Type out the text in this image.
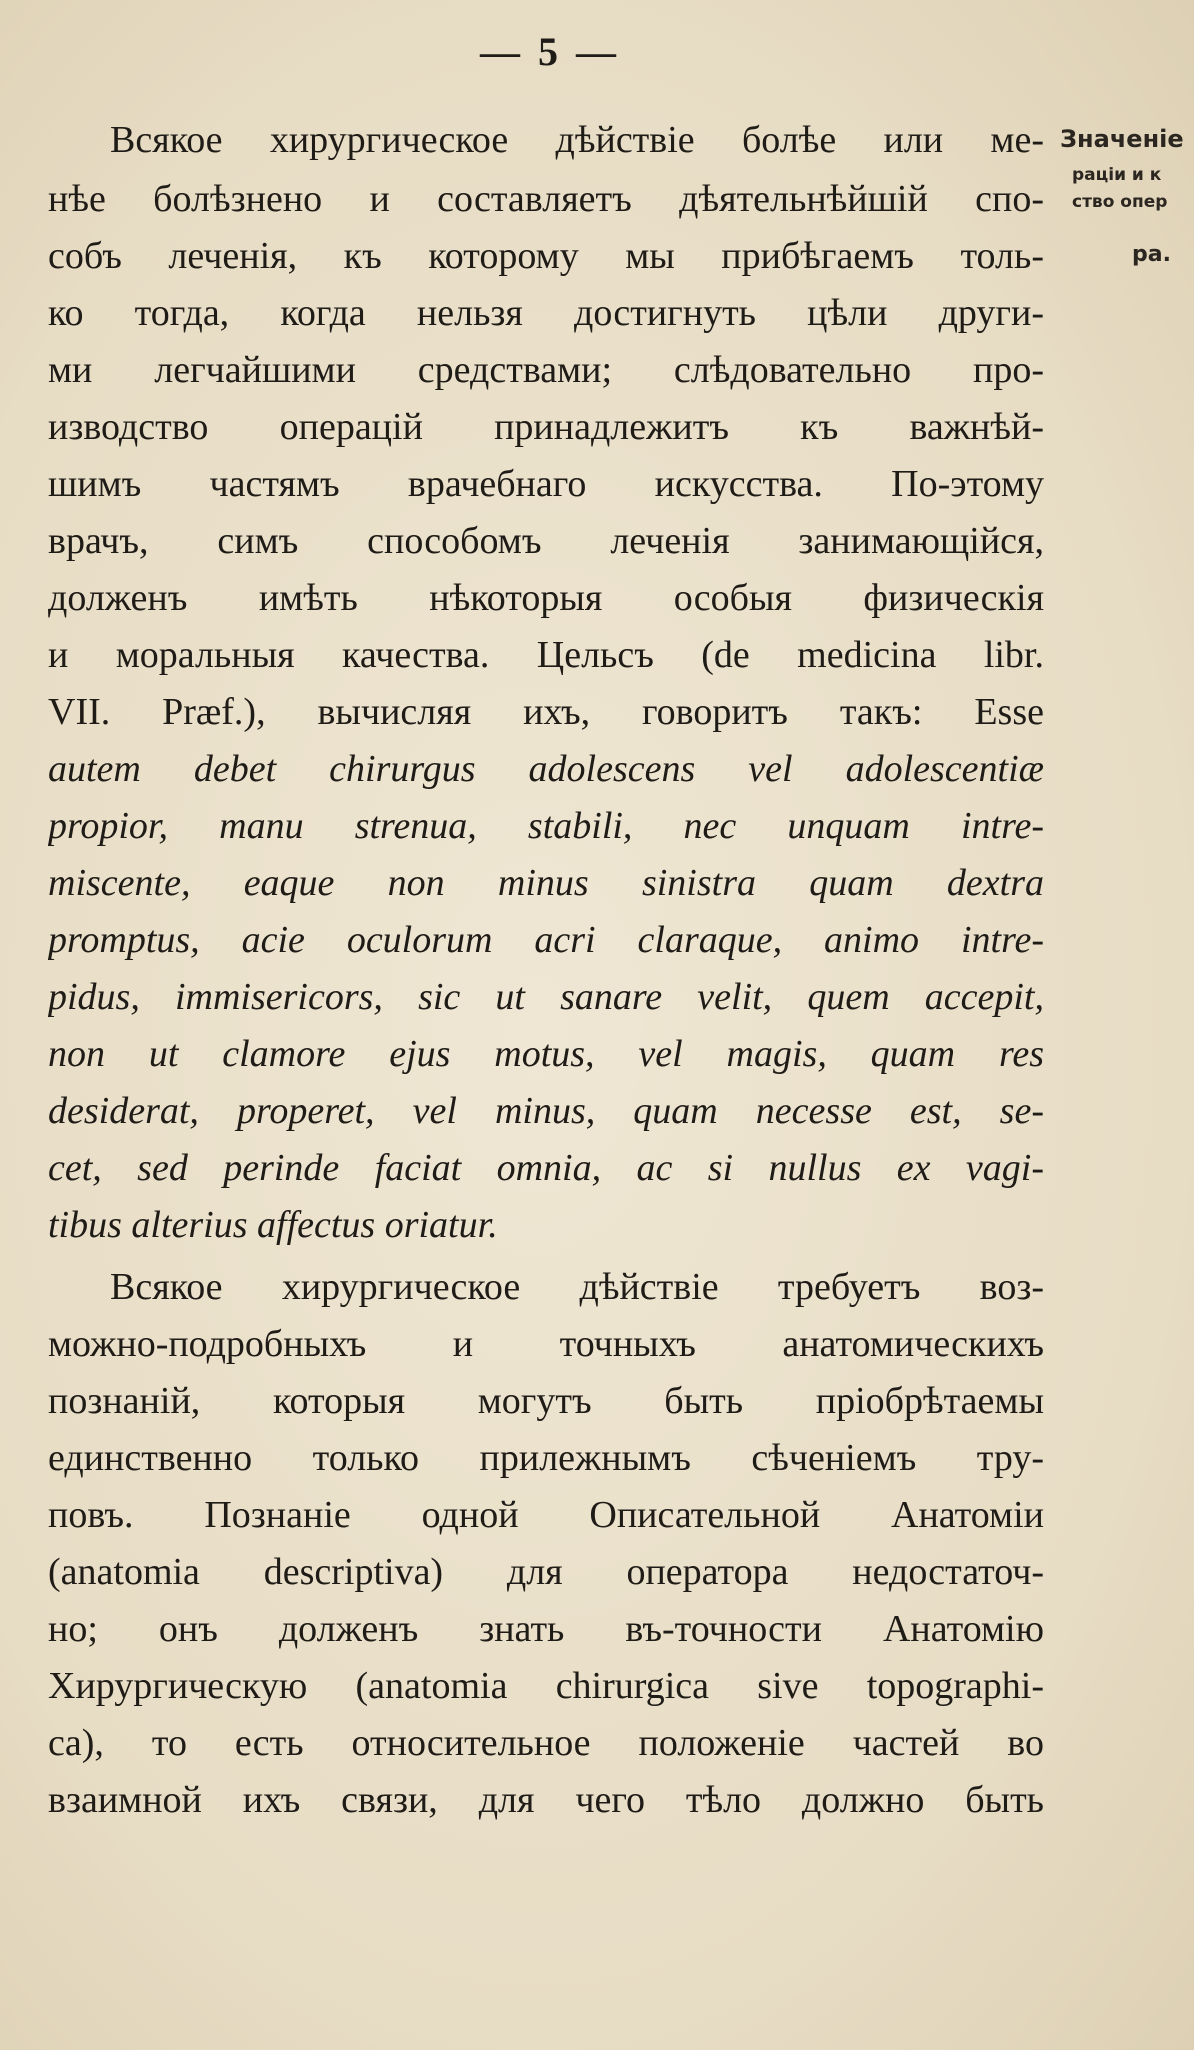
— 5 —
Значеніе
раціи и к
ство опер
ра.
Всякое хирургическое дѣйствіе болѣе или ме-
нѣе болѣзнено и составляетъ дѣятельнѣйшій спо-
собъ леченія, къ которому мы прибѣгаемъ толь-
ко тогда, когда нельзя достигнуть цѣли други-
ми легчайшими средствами; слѣдовательно про-
изводство операцій принадлежитъ къ важнѣй-
шимъ частямъ врачебнаго искусства. По-этому
врачъ, симъ способомъ леченія занимающійся,
долженъ имѣть нѣкоторыя особыя физическія
и моральныя качества. Цельсъ (de medicina libr.
VII. Præf.), вычисляя ихъ, говоритъ такъ: Esse
autem debet chirurgus adolescens vel adolescentiæ
propior, manu strenua, stabili, nec unquam intre-
miscente, eaque non minus sinistra quam dextra
promptus, acie oculorum acri claraque, animo intre-
pidus, immisericors, sic ut sanare velit, quem accepit,
non ut clamore ejus motus, vel magis, quam res
desiderat, properet, vel minus, quam necesse est, se-
cet, sed perinde faciat omnia, ac si nullus ex vagi-
tibus alterius affectus oriatur.
Всякое хирургическое дѣйствіе требуетъ воз-
можно-подробныхъ и точныхъ анатомическихъ
познаній, которыя могутъ быть пріобрѣтаемы
единственно только прилежнымъ сѣченіемъ тру-
повъ. Познаніе одной Описательной Анатоміи
(anatomia descriptiva) для оператора недостаточ-
но; онъ долженъ знать въ-точности Анатомію
Хирургическую (anatomia chirurgica sive topographi-
ca), то есть относительное положеніе частей во
взаимной ихъ связи, для чего тѣло должно быть
